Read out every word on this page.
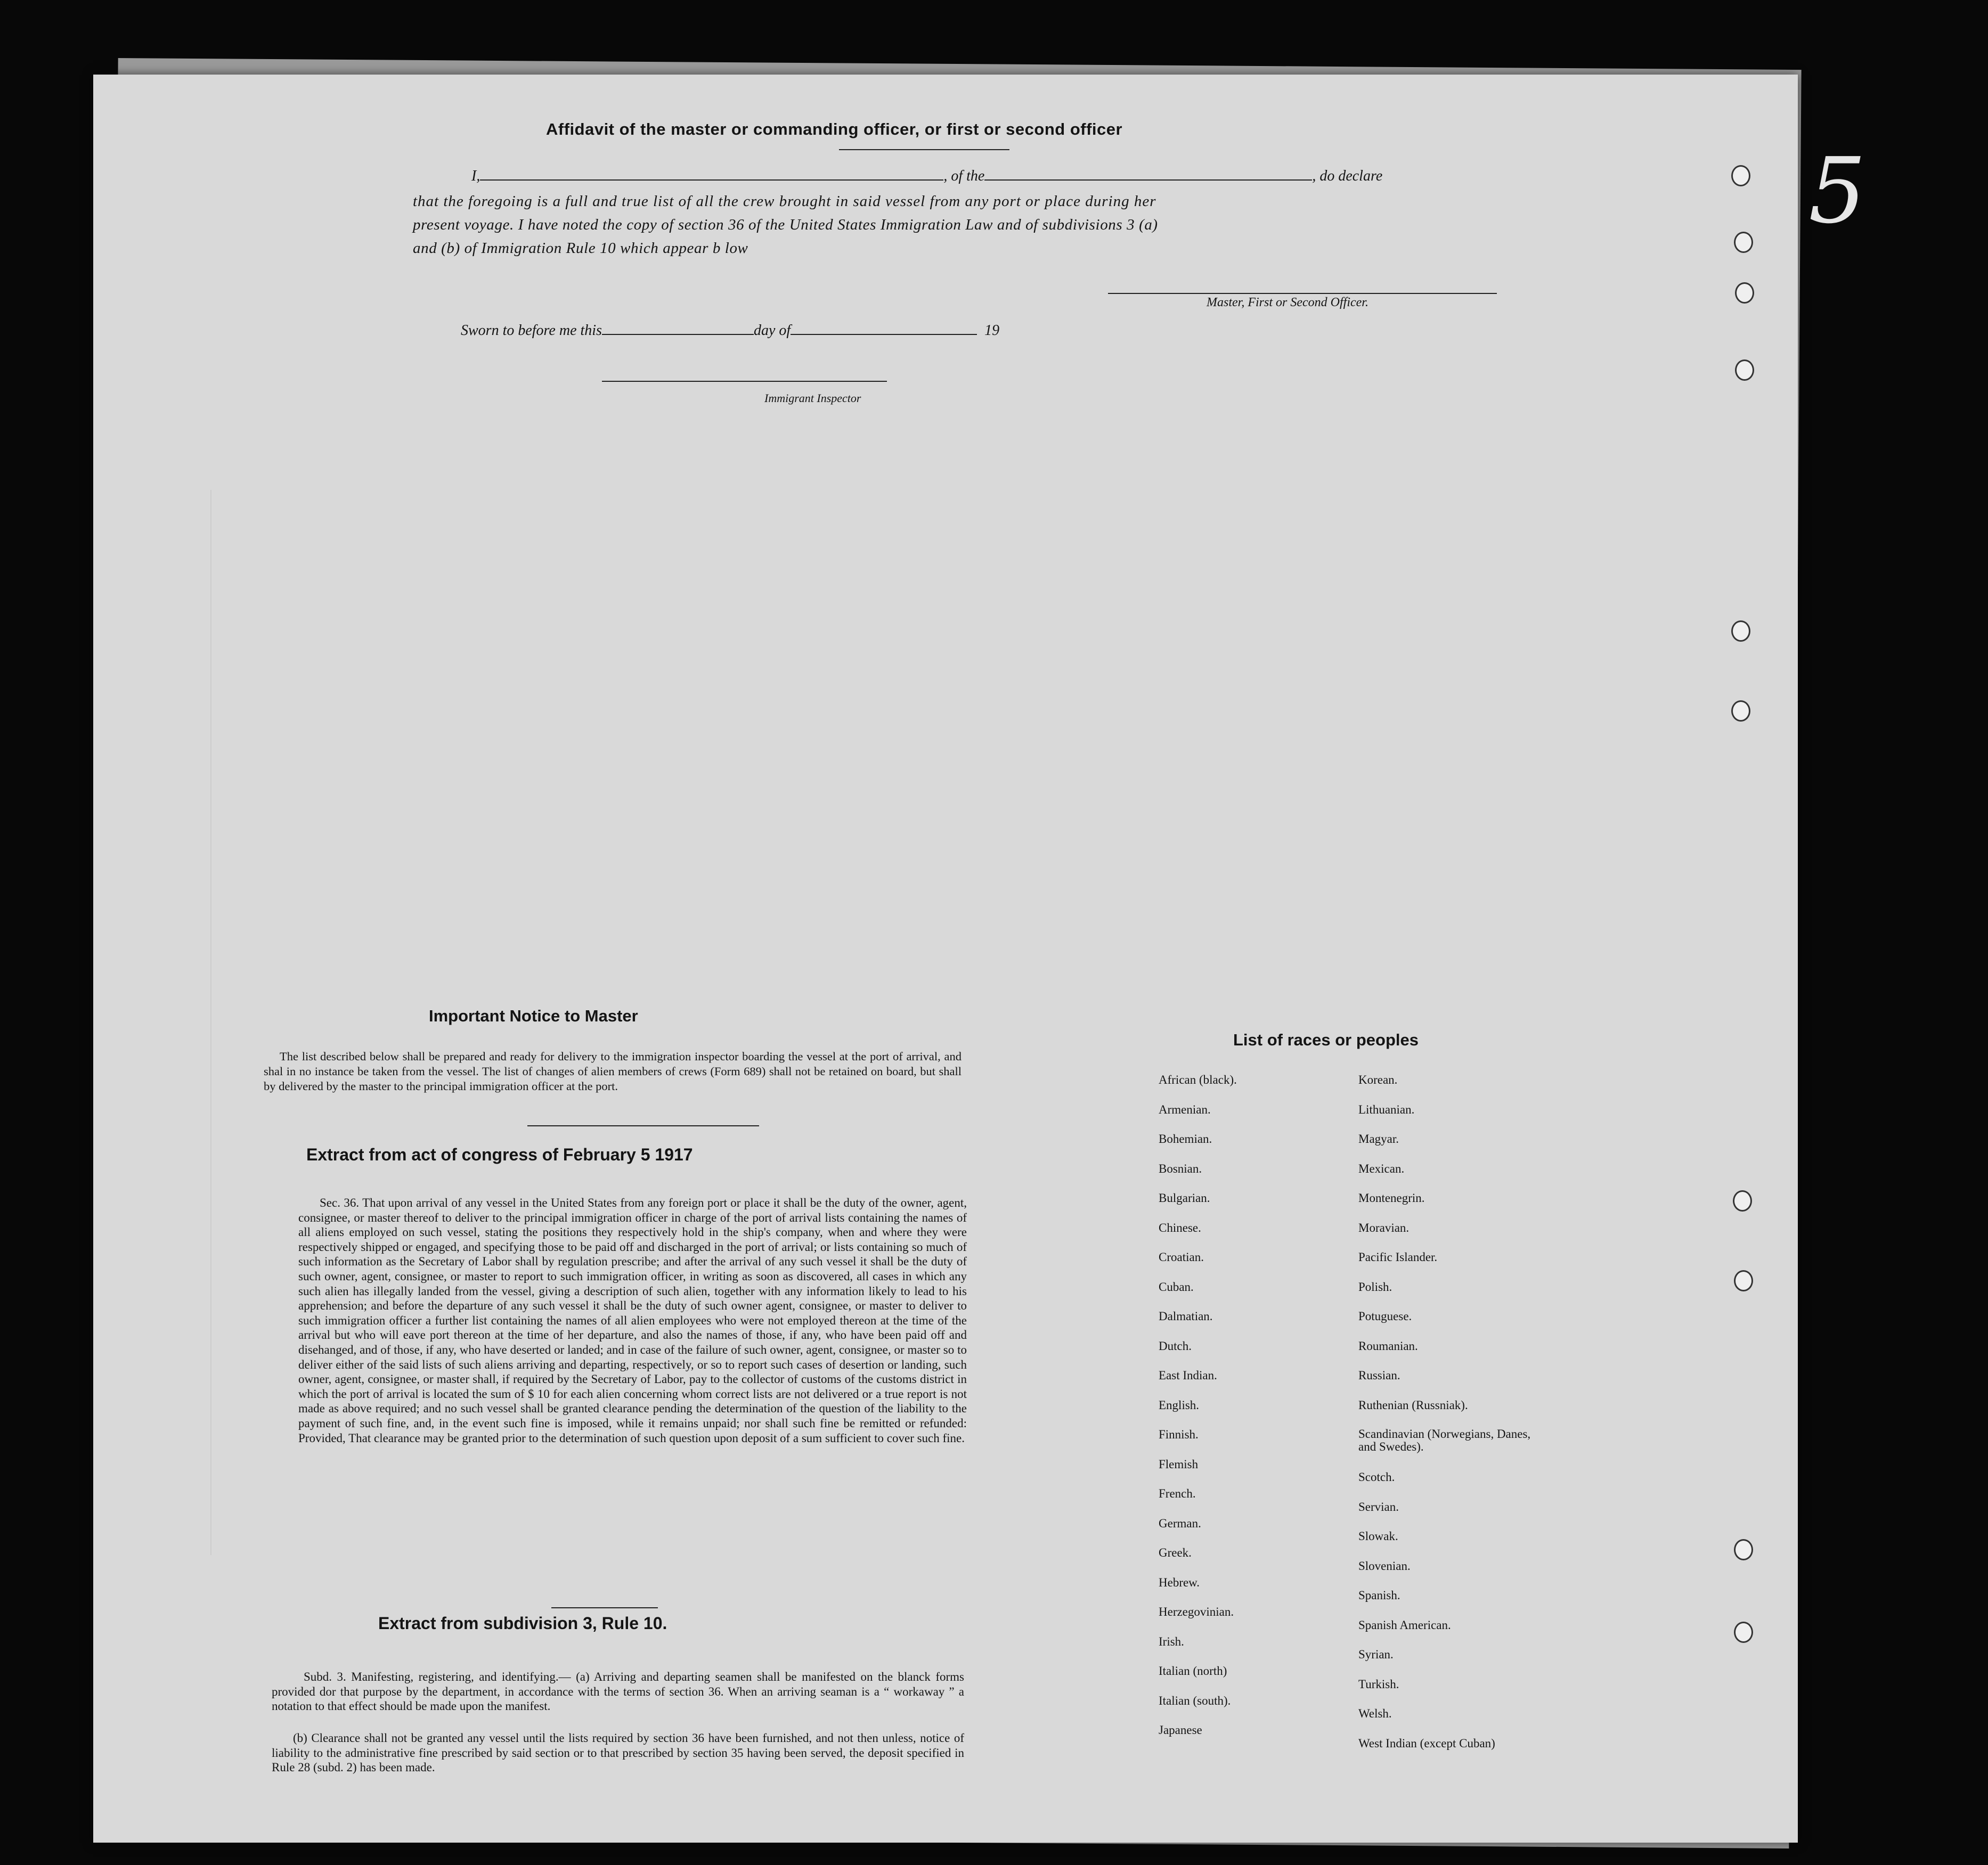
Affidavit of the master or commanding officer, or first or second officer
I,	, of the	, do declare
that the foregoing is a full and true list of all the crew brought in said vessel from any port or place during her
present voyage. I have noted the copy of section 36 of the United States Immigration Law and of subdivisions 3 (a)
and (b) of Immigration Rule 10 which appear b low
Master, First or Second Officer.
Sworn to before me this	day of	19
Immigrant Inspector
Important Notice to Master
The list described below shall be prepared and ready for delivery to the immigration inspector boarding the vessel at the port of arrival, and shal in no instance be taken from the vessel. The list of changes of alien members of crews (Form 689) shall not be retained on board, but shall by delivered by the master to the principal immigration officer at the port.
Extract from act of congress of February 5 1917
Sec. 36. That upon arrival of any vessel in the United States from any foreign port or place it shall be the duty of the owner, agent, consignee, or master thereof to deliver to the principal immigration officer in charge of the port of arrival lists containing the names of all aliens employed on such vessel, stating the positions they respectively hold in the ship's company, when and where they were respectively shipped or engaged, and specifying those to be paid off and discharged in the port of arrival; or lists containing so much of such information as the Secretary of Labor shall by regulation prescribe; and after the arrival of any such vessel it shall be the duty of such owner, agent, consignee, or master to report to such immigration officer, in writing as soon as discovered, all cases in which any such alien has illegally landed from the vessel, giving a description of such alien, together with any information likely to lead to his apprehension; and before the departure of any such vessel it shall be the duty of such owner agent, consignee, or master to deliver to such immigration officer a further list containing the names of all alien employees who were not employed thereon at the time of the arrival but who will eave port thereon at the time of her departure, and also the names of those, if any, who have been paid off and disehanged, and of those, if any, who have deserted or landed; and in case of the failure of such owner, agent, consignee, or master so to deliver either of the said lists of such aliens arriving and departing, respectively, or so to report such cases of desertion or landing, such owner, agent, consignee, or master shall, if required by the Secretary of Labor, pay to the collector of customs of the customs district in which the port of arrival is located the sum of $ 10 for each alien concerning whom correct lists are not delivered or a true report is not made as above required; and no such vessel shall be granted clearance pending the determination of the question of the liability to the payment of such fine, and, in the event such fine is imposed, while it remains unpaid; nor shall such fine be remitted or refunded: Provided, That clearance may be granted prior to the determination of such question upon deposit of a sum sufficient to cover such fine.
Extract from subdivision 3, Rule 10.
Subd. 3. Manifesting, registering, and identifying.— (a) Arriving and departing seamen shall be manifested on the blanck forms provided dor that purpose by the department, in accordance with the terms of section 36. When an arriving seaman is a “ workaway ” a notation to that effect should be made upon the manifest.
(b) Clearance shall not be granted any vessel until the lists required by section 36 have been furnished, and not then unless, notice of liability to the administrative fine prescribed by said section or to that prescribed by section 35 having been served, the deposit specified in Rule 28 (subd. 2) has been made.
List of races or peoples
African (black).
Armenian.
Bohemian.
Bosnian.
Bulgarian.
Chinese.
Croatian.
Cuban.
Dalmatian.
Dutch.
East Indian.
English.
Finnish.
Flemish
French.
German.
Greek.
Hebrew.
Herzegovinian.
Irish.
Italian (north)
Italian (south).
Japanese
Korean.
Lithuanian.
Magyar.
Mexican.
Montenegrin.
Moravian.
Pacific Islander.
Polish.
Potuguese.
Roumanian.
Russian.
Ruthenian (Russniak).
Scandinavian (Norwegians, Danes, and Swedes).
Scotch.
Servian.
Slowak.
Slovenian.
Spanish.
Spanish American.
Syrian.
Turkish.
Welsh.
West Indian (except Cuban)
5
